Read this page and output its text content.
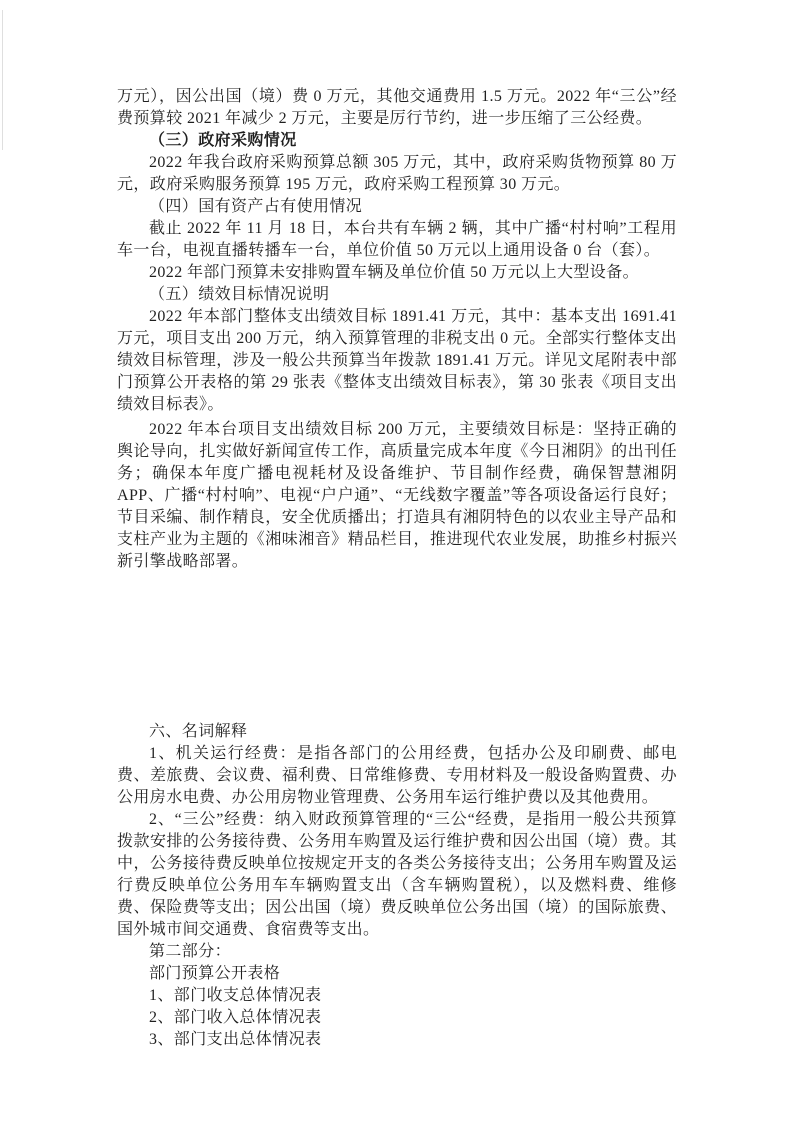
万元），因公出国（境）费 0 万元，其他交通费用 1.5 万元。2022 年“三公”经费预算较 2021 年减少 2 万元，主要是厉行节约，进一步压缩了三公经费。

（三）政府采购情况

2022 年我台政府采购预算总额 305 万元，其中，政府采购货物预算 80 万元，政府采购服务预算 195 万元，政府采购工程预算 30 万元。

（四）国有资产占有使用情况

截止 2022 年 11 月 18 日，本台共有车辆 2 辆，其中广播“村村响”工程用车一台，电视直播转播车一台，单位价值 50 万元以上通用设备 0 台（套）。

2022 年部门预算未安排购置车辆及单位价值 50 万元以上大型设备。

（五）绩效目标情况说明

2022 年本部门整体支出绩效目标 1891.41 万元，其中：基本支出 1691.41 万元，项目支出 200 万元，纳入预算管理的非税支出 0 元。全部实行整体支出绩效目标管理，涉及一般公共预算当年拨款 1891.41 万元。详见文尾附表中部门预算公开表格的第 29 张表《整体支出绩效目标表》，第 30 张表《项目支出绩效目标表》。

2022 年本台项目支出绩效目标 200 万元，主要绩效目标是：坚持正确的舆论导向，扎实做好新闻宣传工作，高质量完成本年度《今日湘阴》的出刊任务；确保本年度广播电视耗材及设备维护、节目制作经费，确保智慧湘阴 APP、广播“村村响”、电视“户户通”、“无线数字覆盖”等各项设备运行良好；节目采编、制作精良，安全优质播出；打造具有湘阴特色的以农业主导产品和支柱产业为主题的《湘味湘音》精品栏目，推进现代农业发展，助推乡村振兴新引擎战略部署。

六、名词解释

1、机关运行经费：是指各部门的公用经费，包括办公及印刷费、邮电费、差旅费、会议费、福利费、日常维修费、专用材料及一般设备购置费、办公用房水电费、办公用房物业管理费、公务用车运行维护费以及其他费用。

2、“三公”经费：纳入财政预算管理的“三公“经费，是指用一般公共预算拨款安排的公务接待费、公务用车购置及运行维护费和因公出国（境）费。其中，公务接待费反映单位按规定开支的各类公务接待支出；公务用车购置及运行费反映单位公务用车车辆购置支出（含车辆购置税），以及燃料费、维修费、保险费等支出；因公出国（境）费反映单位公务出国（境）的国际旅费、国外城市间交通费、食宿费等支出。

第二部分：

部门预算公开表格

1、部门收支总体情况表

2、部门收入总体情况表

3、部门支出总体情况表
